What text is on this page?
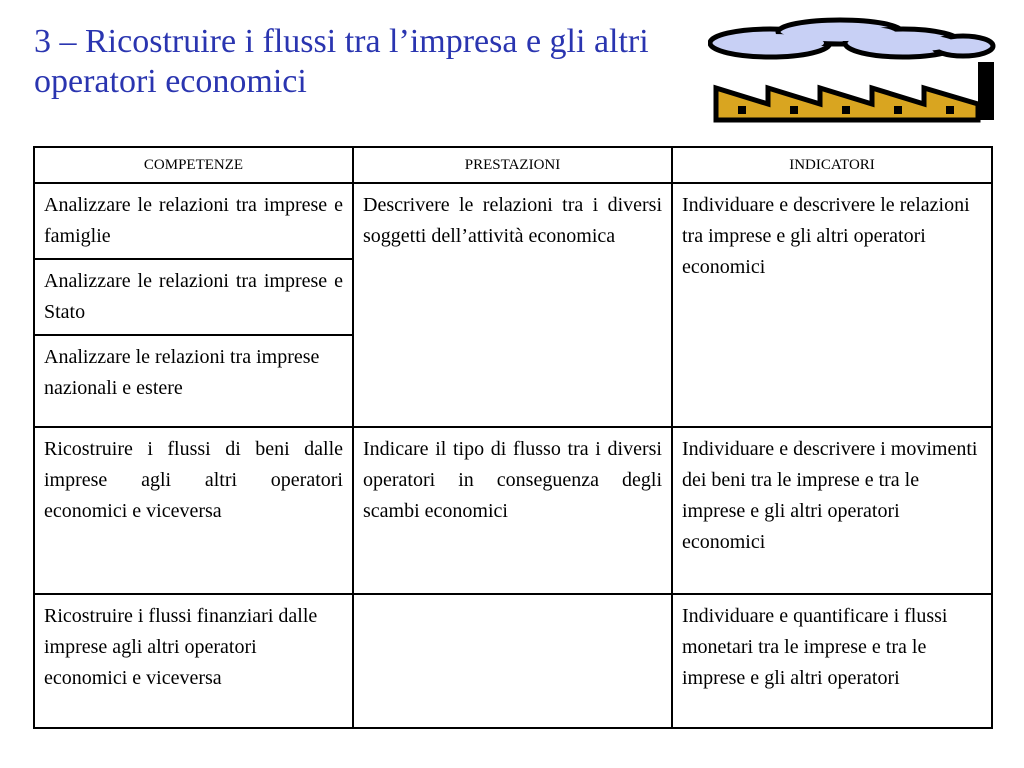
3 – Ricostruire i flussi tra l’impresa e gli altri operatori economici
COMPETENZE	PRESTAZIONI	INDICATORI
Analizzare le relazioni tra imprese e famiglie	Descrivere le relazioni tra i diversi soggetti dell’attività economica	Individuare e descrivere le relazioni tra imprese e gli altri operatori economici
Analizzare le relazioni tra imprese e Stato		
Analizzare le relazioni tra imprese nazionali e estere		
Ricostruire i flussi di beni dalle imprese agli altri operatori economici e viceversa	Indicare il tipo di flusso tra i diversi operatori in conseguenza degli scambi economici	Individuare e descrivere i movimenti dei beni tra le imprese e tra le imprese e gli altri operatori economici
Ricostruire i flussi finanziari dalle imprese agli altri operatori economici e viceversa		Individuare e quantificare i flussi monetari tra le imprese e tra le imprese e gli altri operatori
